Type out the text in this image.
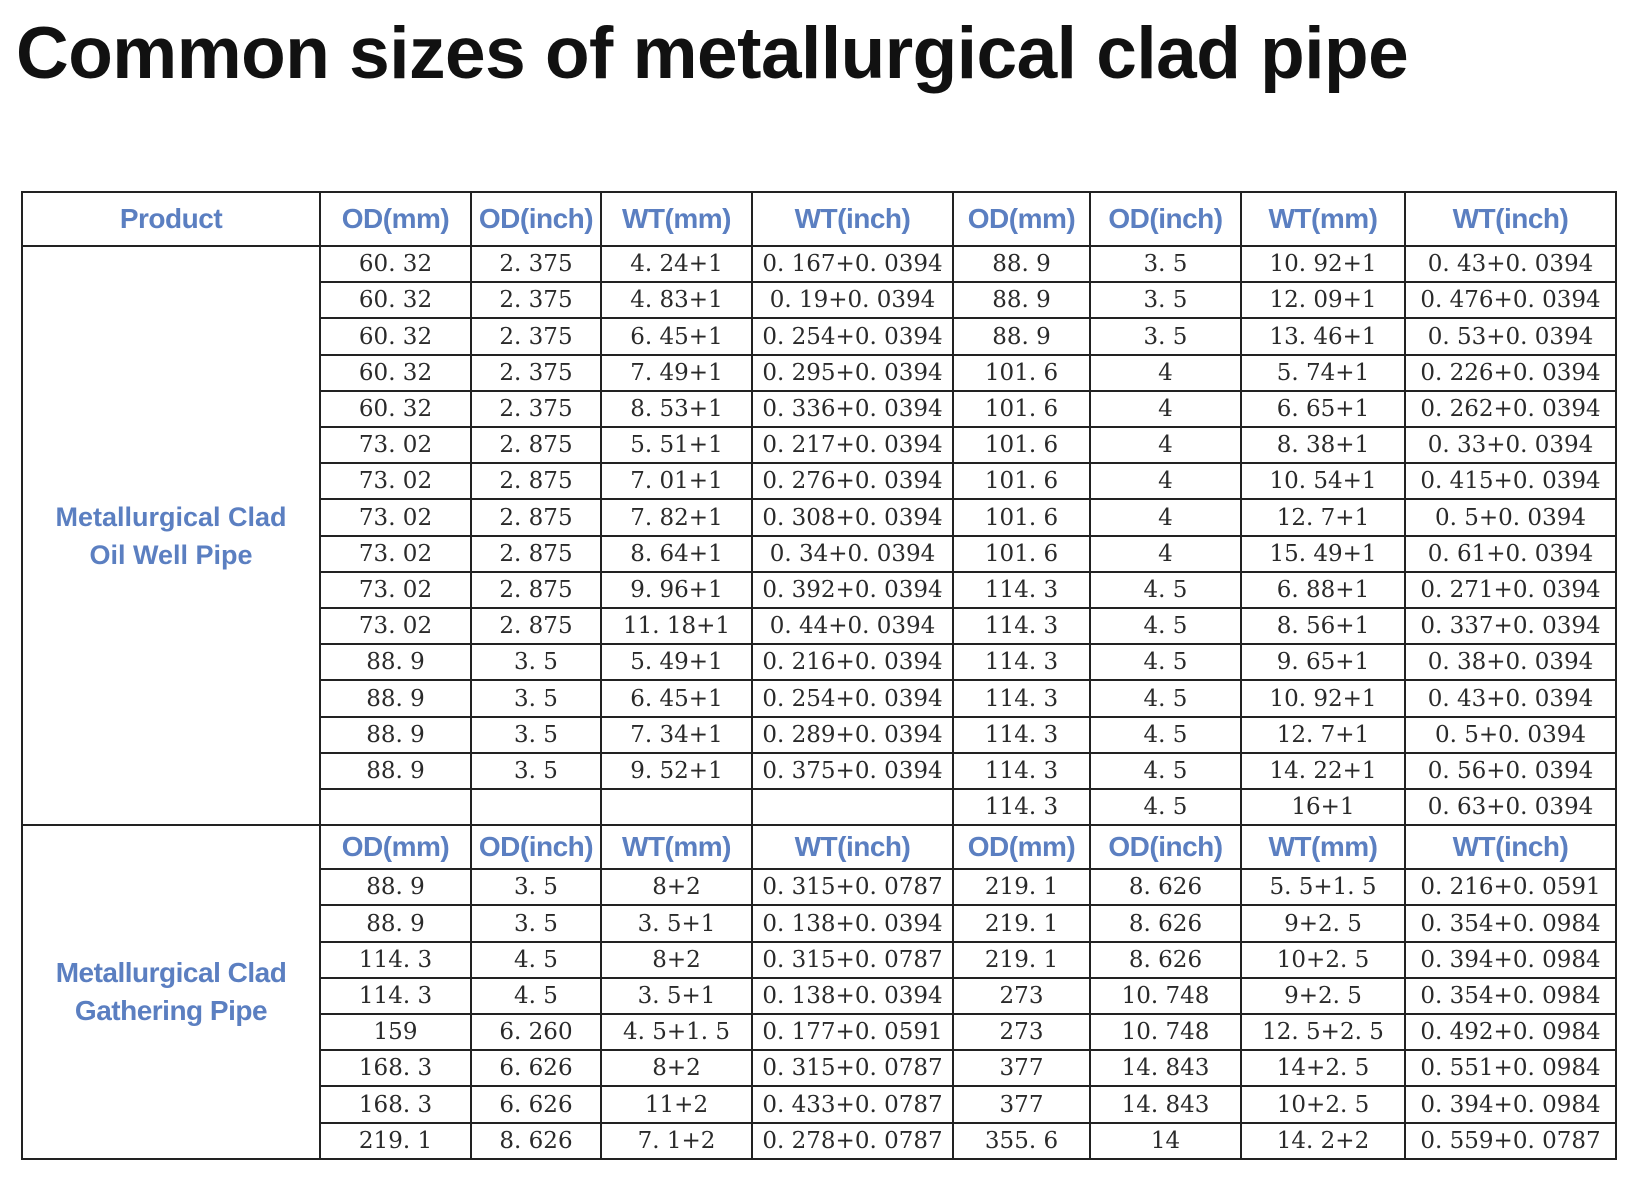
Common sizes of metallurgical clad pipe
Product	OD(mm)	OD(inch)	WT(mm)	WT(inch)	OD(mm)	OD(inch)	WT(mm)	WT(inch)

Metallurgical Clad
Oil Well Pipe	60. 32	2. 375	4. 24+1	0. 167+0. 0394	88. 9	3. 5	10. 92+1	0. 43+0. 0394
	60. 32	2. 375	4. 83+1	0. 19+0. 0394	88. 9	3. 5	12. 09+1	0. 476+0. 0394
	60. 32	2. 375	6. 45+1	0. 254+0. 0394	88. 9	3. 5	13. 46+1	0. 53+0. 0394
	60. 32	2. 375	7. 49+1	0. 295+0. 0394	101. 6	4	5. 74+1	0. 226+0. 0394
	60. 32	2. 375	8. 53+1	0. 336+0. 0394	101. 6	4	6. 65+1	0. 262+0. 0394
	73. 02	2. 875	5. 51+1	0. 217+0. 0394	101. 6	4	8. 38+1	0. 33+0. 0394
	73. 02	2. 875	7. 01+1	0. 276+0. 0394	101. 6	4	10. 54+1	0. 415+0. 0394
	73. 02	2. 875	7. 82+1	0. 308+0. 0394	101. 6	4	12. 7+1	0. 5+0. 0394
	73. 02	2. 875	8. 64+1	0. 34+0. 0394	101. 6	4	15. 49+1	0. 61+0. 0394
	73. 02	2. 875	9. 96+1	0. 392+0. 0394	114. 3	4. 5	6. 88+1	0. 271+0. 0394
	73. 02	2. 875	11. 18+1	0. 44+0. 0394	114. 3	4. 5	8. 56+1	0. 337+0. 0394
	88. 9	3. 5	5. 49+1	0. 216+0. 0394	114. 3	4. 5	9. 65+1	0. 38+0. 0394
	88. 9	3. 5	6. 45+1	0. 254+0. 0394	114. 3	4. 5	10. 92+1	0. 43+0. 0394
	88. 9	3. 5	7. 34+1	0. 289+0. 0394	114. 3	4. 5	12. 7+1	0. 5+0. 0394
	88. 9	3. 5	9. 52+1	0. 375+0. 0394	114. 3	4. 5	14. 22+1	0. 56+0. 0394
					114. 3	4. 5	16+1	0. 63+0. 0394

Metallurgical Clad
Gathering Pipe	OD(mm)	OD(inch)	WT(mm)	WT(inch)	OD(mm)	OD(inch)	WT(mm)	WT(inch)
	88. 9	3. 5	8+2	0. 315+0. 0787	219. 1	8. 626	5. 5+1. 5	0. 216+0. 0591
	88. 9	3. 5	3. 5+1	0. 138+0. 0394	219. 1	8. 626	9+2. 5	0. 354+0. 0984
	114. 3	4. 5	8+2	0. 315+0. 0787	219. 1	8. 626	10+2. 5	0. 394+0. 0984
	114. 3	4. 5	3. 5+1	0. 138+0. 0394	273	10. 748	9+2. 5	0. 354+0. 0984
	159	6. 260	4. 5+1. 5	0. 177+0. 0591	273	10. 748	12. 5+2. 5	0. 492+0. 0984
	168. 3	6. 626	8+2	0. 315+0. 0787	377	14. 843	14+2. 5	0. 551+0. 0984
	168. 3	6. 626	11+2	0. 433+0. 0787	377	14. 843	10+2. 5	0. 394+0. 0984
	219. 1	8. 626	7. 1+2	0. 278+0. 0787	355. 6	14	14. 2+2	0. 559+0. 0787
